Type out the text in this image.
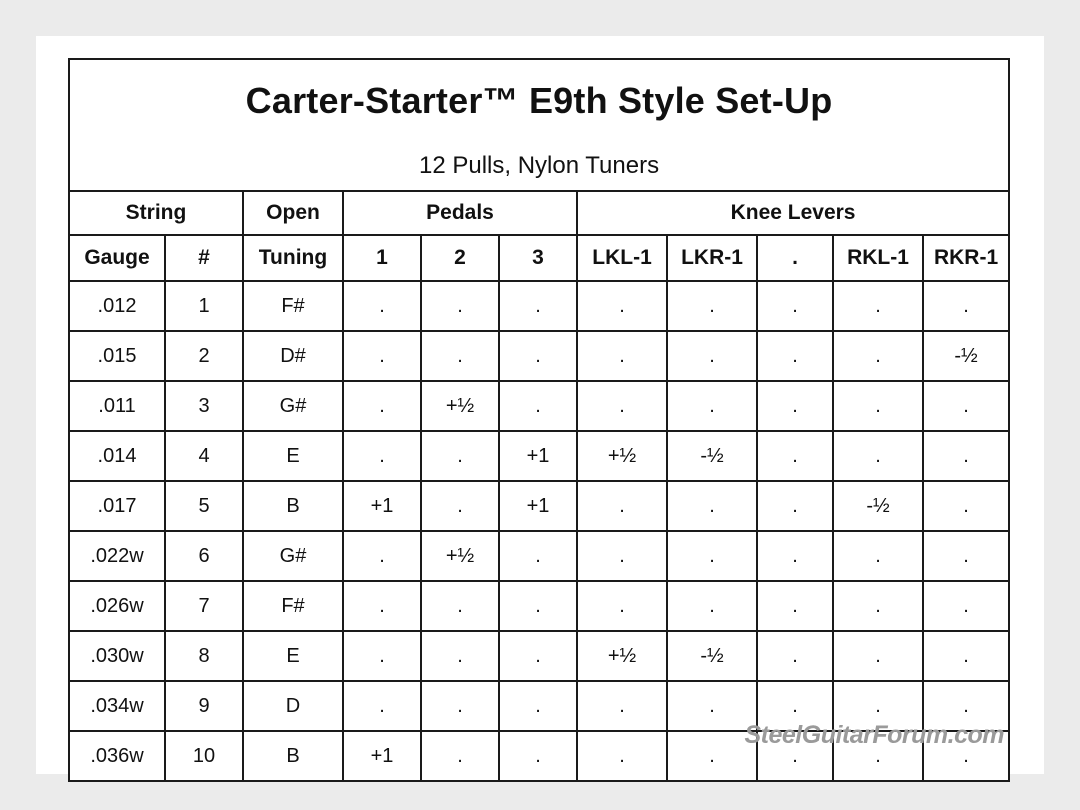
Carter-Starter™ E9th Style Set-Up										
12 Pulls, Nylon Tuners										
String		Open	Pedals			Knee Levers				
Gauge	#	Tuning	1	2	3	LKL-1	LKR-1	.	RKL-1	RKR-1
.012	1	F#	.	.	.	.	.	.	.	.
.015	2	D#	.	.	.	.	.	.	.	-½
.011	3	G#	.	+½	.	.	.	.	.	.
.014	4	E	.	.	+1	+½	-½	.	.	.
.017	5	B	+1	.	+1	.	.	.	-½	.
.022w	6	G#	.	+½	.	.	.	.	.	.
.026w	7	F#	.	.	.	.	.	.	.	.
.030w	8	E	.	.	.	+½	-½	.	.	.
.034w	9	D	.	.	.	.	.	.	.	.
.036w	10	B	+1	.	.	.	.	.	.	.
SteelGuitarForum.com
